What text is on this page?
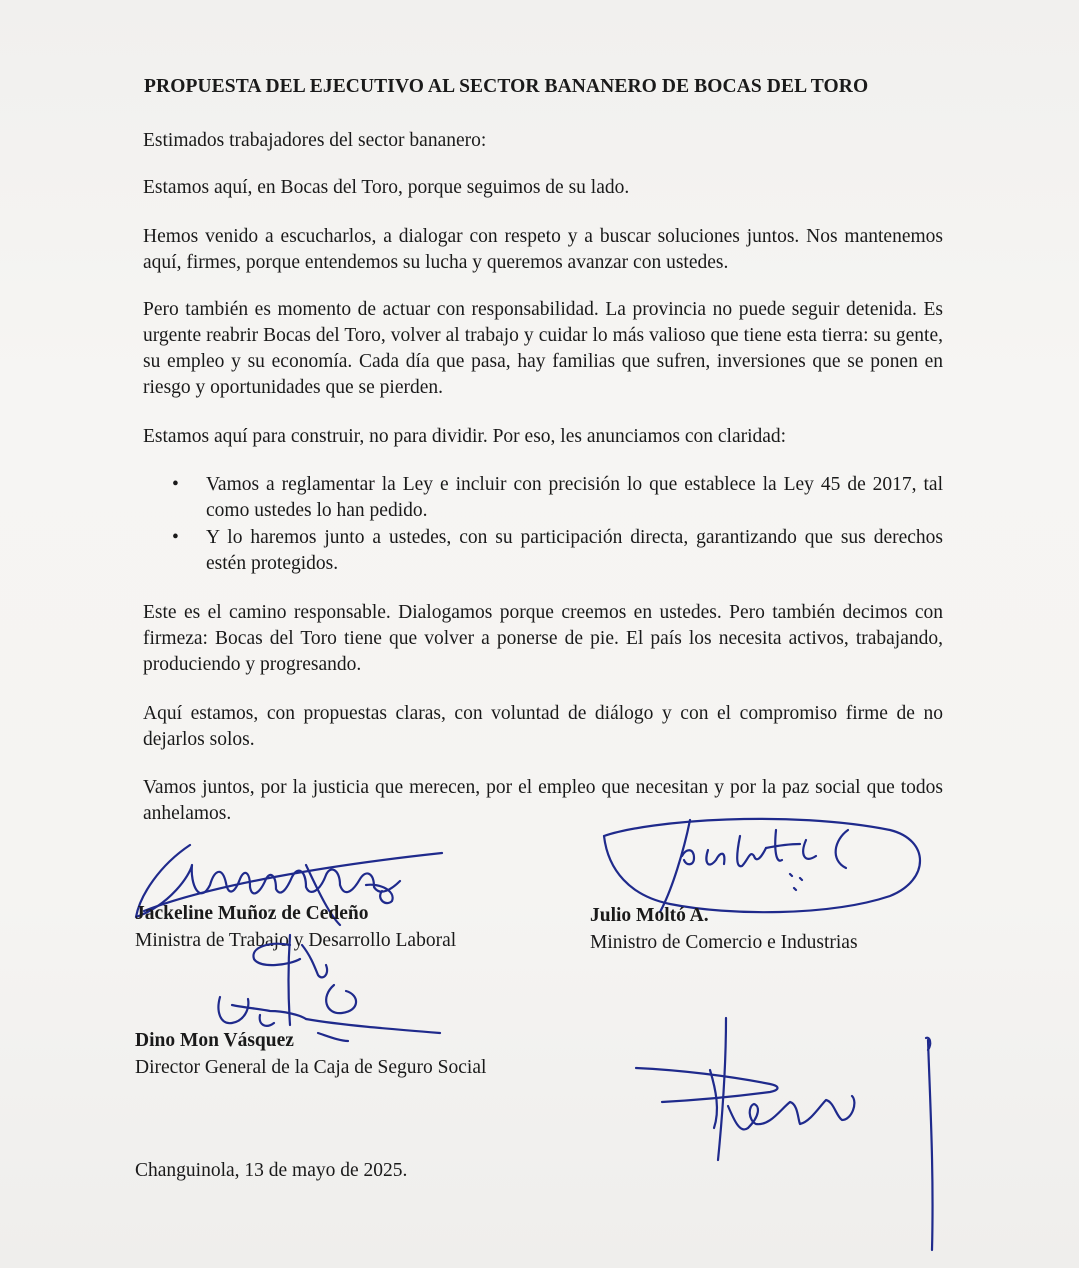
PROPUESTA DEL EJECUTIVO AL SECTOR BANANERO DE BOCAS DEL TORO

Estimados trabajadores del sector bananero:

Estamos aquí, en Bocas del Toro, porque seguimos de su lado.

Hemos venido a escucharlos, a dialogar con respeto y a buscar soluciones juntos. Nos mantenemos aquí, firmes, porque entendemos su lucha y queremos avanzar con ustedes.

Pero también es momento de actuar con responsabilidad. La provincia no puede seguir detenida. Es urgente reabrir Bocas del Toro, volver al trabajo y cuidar lo más valioso que tiene esta tierra: su gente, su empleo y su economía. Cada día que pasa, hay familias que sufren, inversiones que se ponen en riesgo y oportunidades que se pierden.

Estamos aquí para construir, no para dividir. Por eso, les anunciamos con claridad:

• Vamos a reglamentar la Ley e incluir con precisión lo que establece la Ley 45 de 2017, tal como ustedes lo han pedido.
• Y lo haremos junto a ustedes, con su participación directa, garantizando que sus derechos estén protegidos.

Este es el camino responsable. Dialogamos porque creemos en ustedes. Pero también decimos con firmeza: Bocas del Toro tiene que volver a ponerse de pie. El país los necesita activos, trabajando, produciendo y progresando.

Aquí estamos, con propuestas claras, con voluntad de diálogo y con el compromiso firme de no dejarlos solos.

Vamos juntos, por la justicia que merecen, por el empleo que necesitan y por la paz social que todos anhelamos.

Jackeline Muñoz de Cedeño
Ministra de Trabajo y Desarrollo Laboral
Julio Moltó A.
Ministro de Comercio e Industrias
Dino Mon Vásquez
Director General de la Caja de Seguro Social
Changuinola, 13 de mayo de 2025.
